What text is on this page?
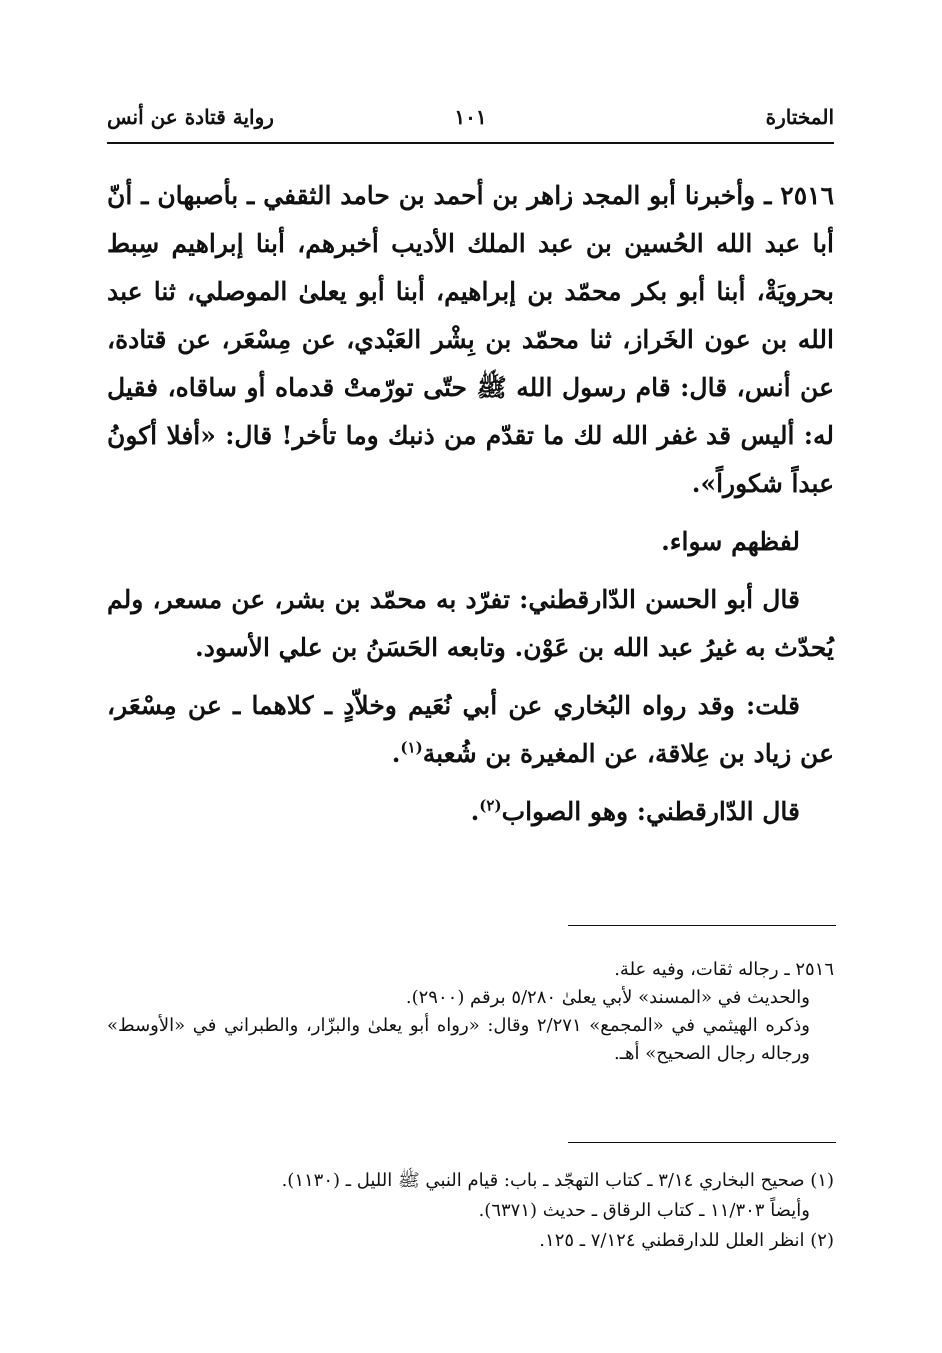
المختارة
١٠١
رواية قتادة عن أنس

٢٥١٦ ـ وأخبرنا أبو المجد زاهر بن أحمد بن حامد الثقفي ـ بأصبهان ـ أنّ أبا عبد الله الحُسين بن عبد الملك الأديب أخبرهم، أبنا إبراهيم سِبط بحرويَةْ، أبنا أبو بكر محمّد بن إبراهيم، أبنا أبو يعلىٰ الموصلي، ثنا عبد الله بن عون الخَراز، ثنا محمّد بن بِشْر العَبْدي، عن مِسْعَر، عن قتادة، عن أنس، قال: قام رسول الله ﷺ حتّى تورّمتْ قدماه أو ساقاه، فقيل له: أليس قد غفر الله لك ما تقدّم من ذنبك وما تأخر! قال: «أفلا أكونُ عبداً شكوراً».

لفظهم سواء.

قال أبو الحسن الدّارقطني: تفرّد به محمّد بن بشر، عن مسعر، ولم يُحدّث به غيرُ عبد الله بن عَوْن. وتابعه الحَسَنُ بن علي الأسود.

قلت: وقد رواه البُخاري عن أبي نُعَيم وخلاّدٍ ـ كلاهما ـ عن مِسْعَر، عن زياد بن عِلاقة، عن المغيرة بن شُعبة$^{(١)}$.

قال الدّارقطني: وهو الصواب$^{(٢)}$.

٢٥١٦ ـ رجاله ثقات، وفيه علة.

والحديث في «المسند» لأبي يعلىٰ ٥/٢٨٠ برقم (٢٩٠٠).

وذكره الهيثمي في «المجمع» ٢/٢٧١ وقال: «رواه أبو يعلىٰ والبزّار، والطبراني في «الأوسط» ورجاله رجال الصحيح» أهـ.

(١) صحيح البخاري ٣/١٤ ـ كتاب التهجّد ـ باب: قيام النبي ﷺ الليل ـ (١١٣٠).

وأيضاً ١١/٣٠٣ ـ كتاب الرقاق ـ حديث (٦٣٧١).

(٢) انظر العلل للدارقطني ٧/١٢٤ ـ ١٢٥.
